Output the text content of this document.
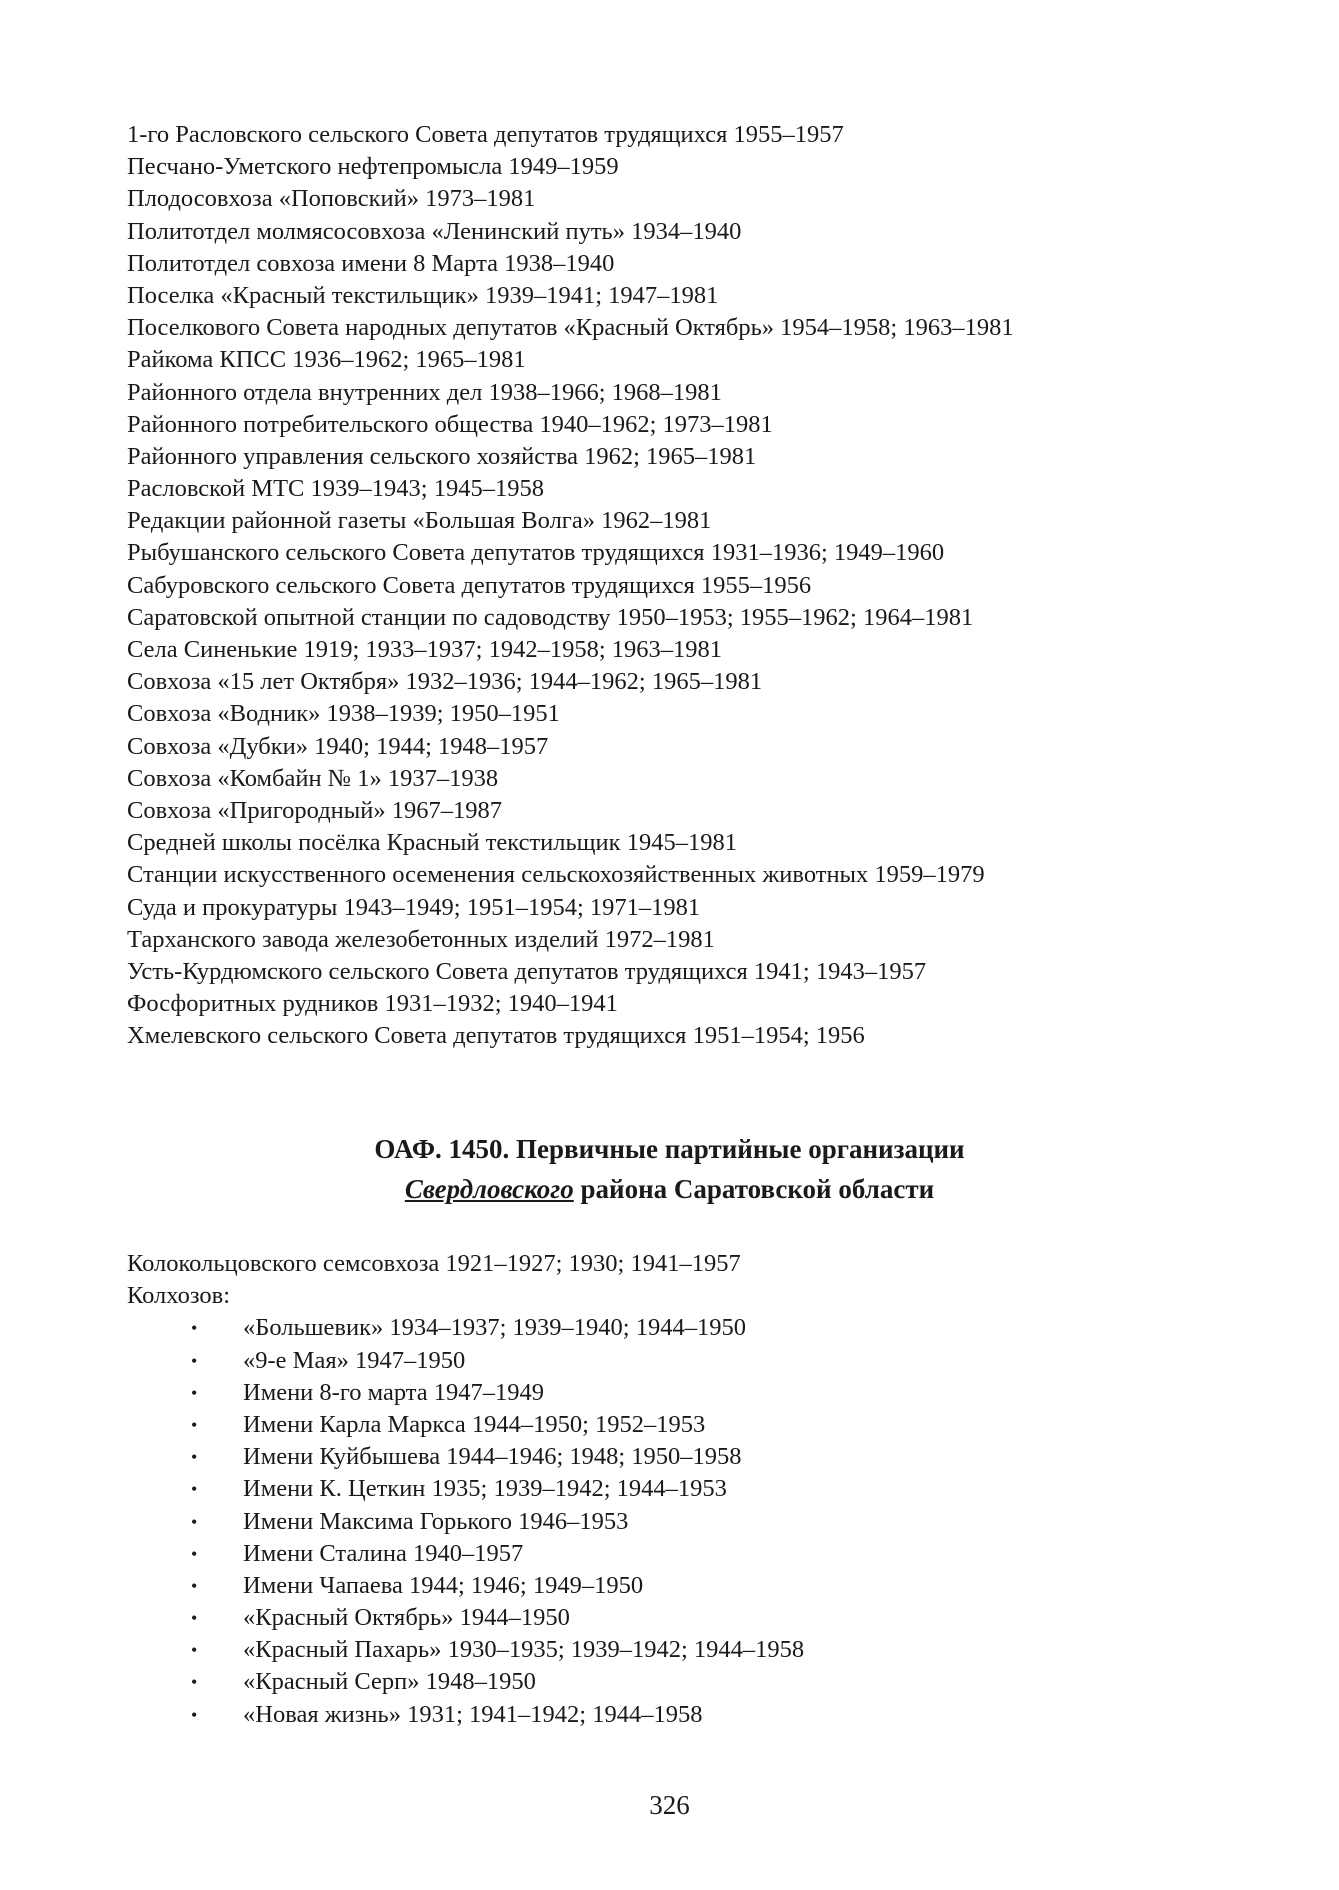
1-го Расловского сельского Совета депутатов трудящихся 1955–1957
Песчано-Уметского нефтепромысла 1949–1959
Плодосовхоза «Поповский» 1973–1981
Политотдел молмясосовхоза «Ленинский путь» 1934–1940
Политотдел совхоза имени 8 Марта 1938–1940
Поселка «Красный текстильщик» 1939–1941; 1947–1981
Поселкового Совета народных депутатов «Красный Октябрь» 1954–1958; 1963–1981
Райкома КПСС 1936–1962; 1965–1981
Районного отдела внутренних дел 1938–1966; 1968–1981
Районного потребительского общества 1940–1962; 1973–1981
Районного управления сельского хозяйства 1962; 1965–1981
Расловской МТС 1939–1943; 1945–1958
Редакции районной газеты «Большая Волга» 1962–1981
Рыбушанского сельского Совета депутатов трудящихся 1931–1936; 1949–1960
Сабуровского сельского Совета депутатов трудящихся 1955–1956
Саратовской опытной станции по садоводству 1950–1953; 1955–1962; 1964–1981
Села Синенькие 1919; 1933–1937; 1942–1958; 1963–1981
Совхоза «15 лет Октября» 1932–1936; 1944–1962; 1965–1981
Совхоза «Водник» 1938–1939; 1950–1951
Совхоза «Дубки» 1940; 1944; 1948–1957
Совхоза «Комбайн № 1» 1937–1938
Совхоза «Пригородный» 1967–1987
Средней школы посёлка Красный текстильщик 1945–1981
Станции искусственного осеменения сельскохозяйственных животных 1959–1979
Суда и прокуратуры 1943–1949; 1951–1954; 1971–1981
Тарханского завода железобетонных изделий 1972–1981
Усть-Курдюмского сельского Совета депутатов трудящихся 1941; 1943–1957
Фосфоритных рудников 1931–1932; 1940–1941
Хмелевского сельского Совета депутатов трудящихся 1951–1954; 1956
ОАФ. 1450. Первичные партийные организации
Свердловского района Саратовской области
Колокольцовского семсовхоза 1921–1927; 1930; 1941–1957
Колхозов:
• «Большевик» 1934–1937; 1939–1940; 1944–1950
• «9-е Мая» 1947–1950
• Имени 8-го марта 1947–1949
• Имени Карла Маркса 1944–1950; 1952–1953
• Имени Куйбышева 1944–1946; 1948; 1950–1958
• Имени К. Цеткин 1935; 1939–1942; 1944–1953
• Имени Максима Горького 1946–1953
• Имени Сталина 1940–1957
• Имени Чапаева 1944; 1946; 1949–1950
• «Красный Октябрь» 1944–1950
• «Красный Пахарь» 1930–1935; 1939–1942; 1944–1958
• «Красный Серп» 1948–1950
• «Новая жизнь» 1931; 1941–1942; 1944–1958
326
